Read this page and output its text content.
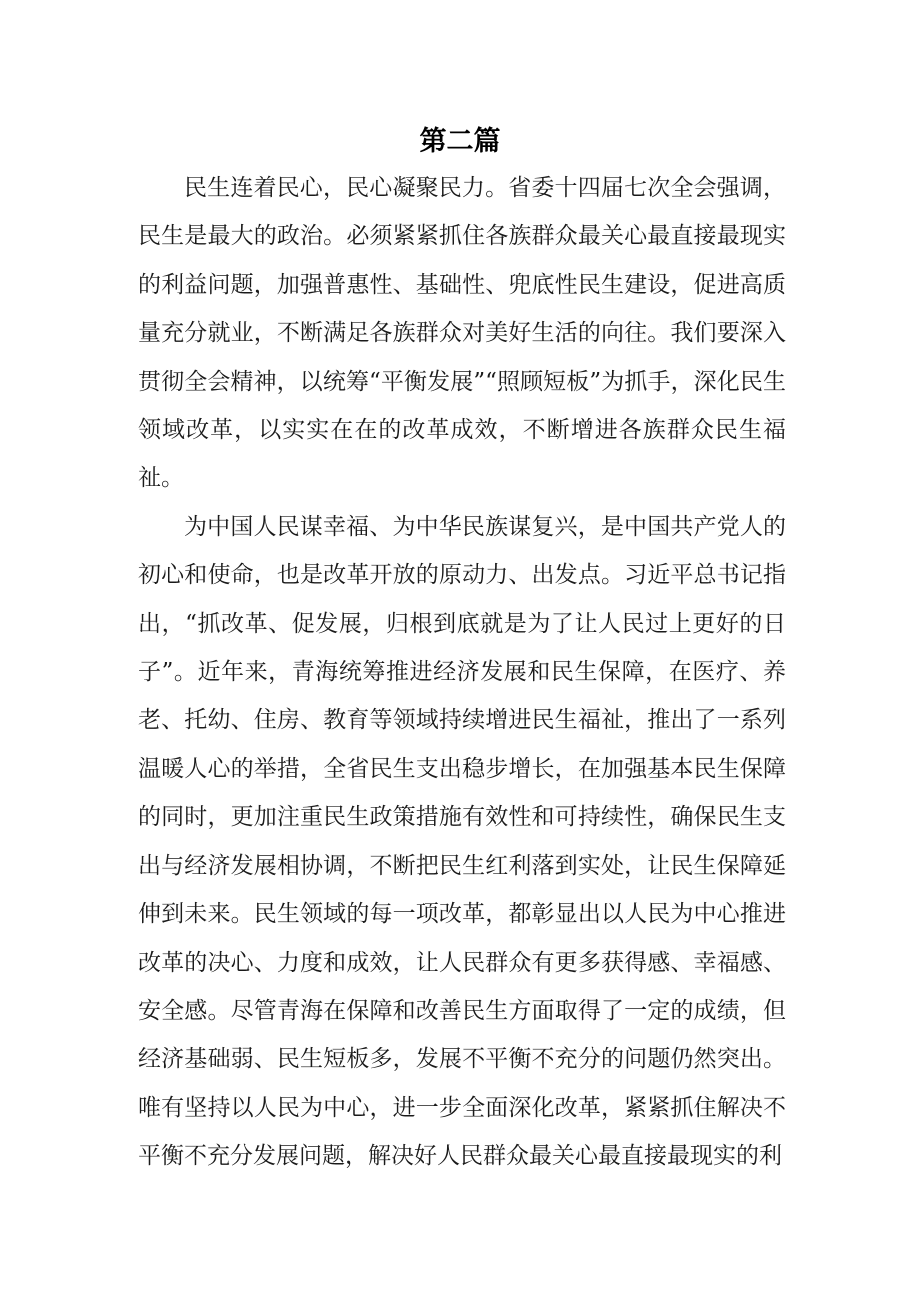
第二篇

民生连着民心，民心凝聚民力。省委十四届七次全会强调，民生是最大的政治。必须紧紧抓住各族群众最关心最直接最现实的利益问题，加强普惠性、基础性、兜底性民生建设，促进高质量充分就业，不断满足各族群众对美好生活的向往。我们要深入贯彻全会精神，以统筹“平衡发展”“照顾短板”为抓手，深化民生领域改革，以实实在在的改革成效，不断增进各族群众民生福祉。

为中国人民谋幸福、为中华民族谋复兴，是中国共产党人的初心和使命，也是改革开放的原动力、出发点。习近平总书记指出，“抓改革、促发展，归根到底就是为了让人民过上更好的日子”。近年来，青海统筹推进经济发展和民生保障，在医疗、养老、托幼、住房、教育等领域持续增进民生福祉，推出了一系列温暖人心的举措，全省民生支出稳步增长，在加强基本民生保障的同时，更加注重民生政策措施有效性和可持续性，确保民生支出与经济发展相协调，不断把民生红利落到实处，让民生保障延伸到未来。民生领域的每一项改革，都彰显出以人民为中心推进改革的决心、力度和成效，让人民群众有更多获得感、幸福感、安全感。尽管青海在保障和改善民生方面取得了一定的成绩，但经济基础弱、民生短板多，发展不平衡不充分的问题仍然突出。唯有坚持以人民为中心，进一步全面深化改革，紧紧抓住解决不平衡不充分发展问题，解决好人民群众最关心最直接最现实的利
